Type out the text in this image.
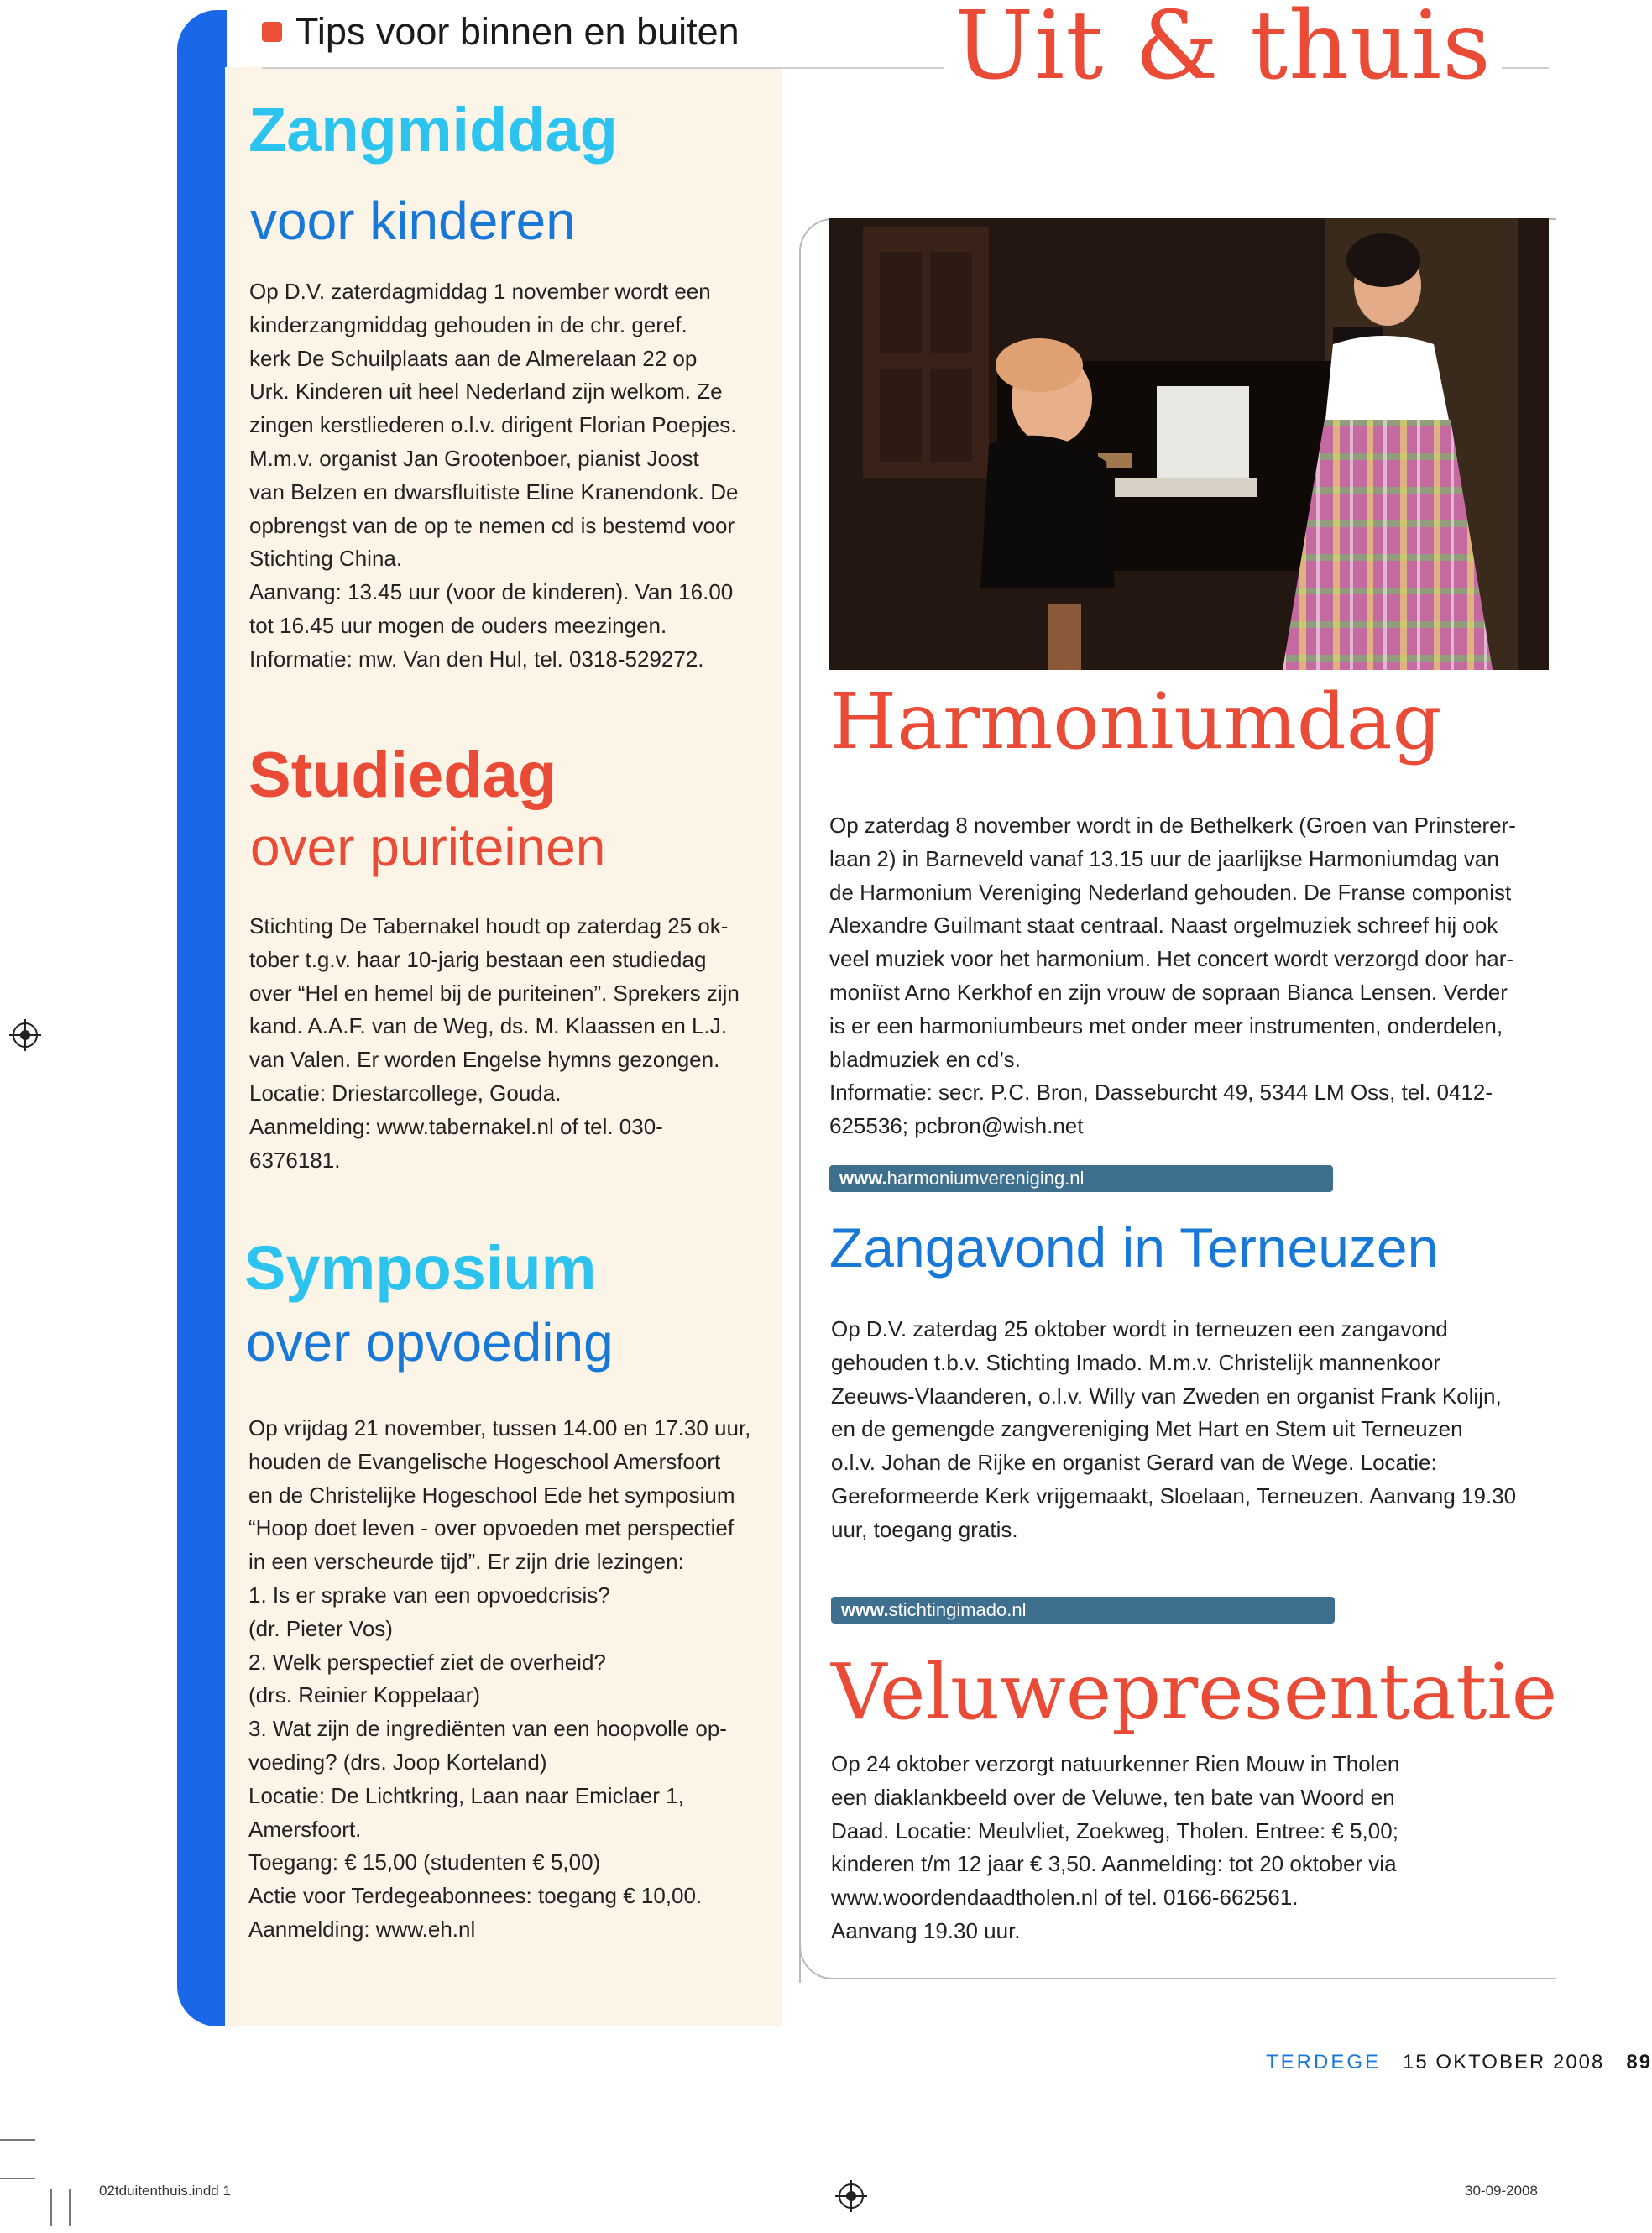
Tips voor binnen en buiten Uit & thuis
Zangmiddag
voor kinderen
Op D.V. zaterdagmiddag 1 november wordt een
kinderzangmiddag gehouden in de chr. geref.
kerk De Schuilplaats aan de Almerelaan 22 op
Urk. Kinderen uit heel Nederland zijn welkom. Ze
zingen kerstliederen o.l.v. dirigent Florian Poepjes.
M.m.v. organist Jan Grootenboer, pianist Joost
van Belzen en dwarsfluitiste Eline Kranendonk. De
opbrengst van de op te nemen cd is bestemd voor
Stichting China.
Aanvang: 13.45 uur (voor de kinderen). Van 16.00
tot 16.45 uur mogen de ouders meezingen.
Informatie: mw. Van den Hul, tel. 0318-529272.
Studiedag
over puriteinen
Stichting De Tabernakel houdt op zaterdag 25 ok-
tober t.g.v. haar 10-jarig bestaan een studiedag
over “Hel en hemel bij de puriteinen”. Sprekers zijn
kand. A.A.F. van de Weg, ds. M. Klaassen en L.J.
van Valen. Er worden Engelse hymns gezongen.
Locatie: Driestarcollege, Gouda.
Aanmelding: www.tabernakel.nl of tel. 030-
6376181.
Symposium
over opvoeding
Op vrijdag 21 november, tussen 14.00 en 17.30 uur,
houden de Evangelische Hogeschool Amersfoort
en de Christelijke Hogeschool Ede het symposium
“Hoop doet leven - over opvoeden met perspectief
in een verscheurde tijd”. Er zijn drie lezingen:
1. Is er sprake van een opvoedcrisis?
(dr. Pieter Vos)
2. Welk perspectief ziet de overheid?
(drs. Reinier Koppelaar)
3. Wat zijn de ingrediënten van een hoopvolle op-
voeding? (drs. Joop Korteland)
Locatie: De Lichtkring, Laan naar Emiclaer 1,
Amersfoort.
Toegang: € 15,00 (studenten € 5,00)
Actie voor Terdegeabonnees: toegang € 10,00.
Aanmelding: www.eh.nl
Harmoniumdag
Op zaterdag 8 november wordt in de Bethelkerk (Groen van Prinsterer-
laan 2) in Barneveld vanaf 13.15 uur de jaarlijkse Harmoniumdag van
de Harmonium Vereniging Nederland gehouden. De Franse componist
Alexandre Guilmant staat centraal. Naast orgelmuziek schreef hij ook
veel muziek voor het harmonium. Het concert wordt verzorgd door har-
moniïst Arno Kerkhof en zijn vrouw de sopraan Bianca Lensen. Verder
is er een harmoniumbeurs met onder meer instrumenten, onderdelen,
bladmuziek en cd’s.
Informatie: secr. P.C. Bron, Dasseburcht 49, 5344 LM Oss, tel. 0412-
625536; pcbron@wish.net
www.harmoniumvereniging.nl
Zangavond in Terneuzen
Op D.V. zaterdag 25 oktober wordt in terneuzen een zangavond
gehouden t.b.v. Stichting Imado. M.m.v. Christelijk mannenkoor
Zeeuws-Vlaanderen, o.l.v. Willy van Zweden en organist Frank Kolijn,
en de gemengde zangvereniging Met Hart en Stem uit Terneuzen
o.l.v. Johan de Rijke en organist Gerard van de Wege. Locatie:
Gereformeerde Kerk vrijgemaakt, Sloelaan, Terneuzen. Aanvang 19.30
uur, toegang gratis.
www.stichtingimado.nl
Veluwepresentatie
Op 24 oktober verzorgt natuurkenner Rien Mouw in Tholen
een diaklankbeeld over de Veluwe, ten bate van Woord en
Daad. Locatie: Meulvliet, Zoekweg, Tholen. Entree: € 5,00;
kinderen t/m 12 jaar € 3,50. Aanmelding: tot 20 oktober via
www.woordendaadtholen.nl of tel. 0166-662561.
Aanvang 19.30 uur.
TERDEGE 15 OKTOBER 2008 89
02tduitenthuis.indd 1	30-09-2008
